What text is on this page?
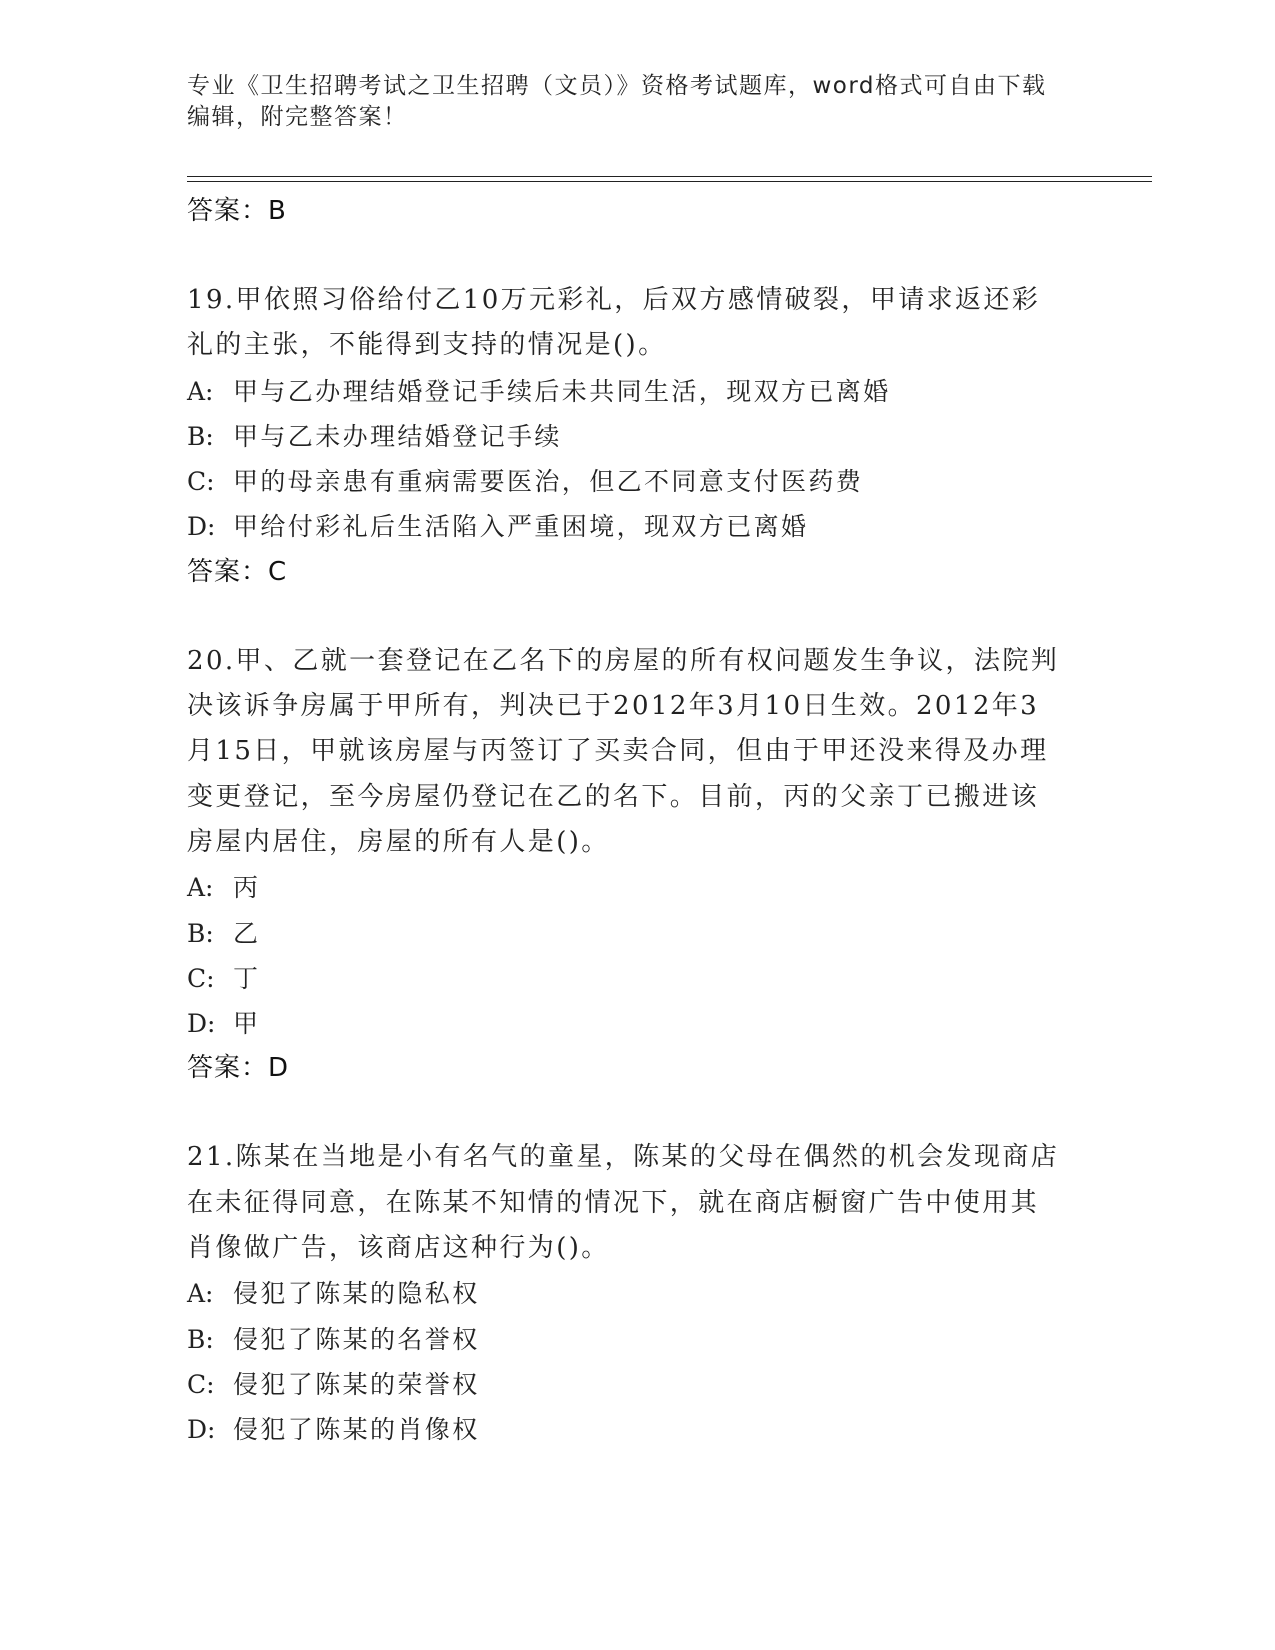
专业《卫生招聘考试之卫生招聘（文员）》资格考试题库，word格式可自由下载

编辑，附完整答案！

答案：B

19.甲依照习俗给付乙10万元彩礼，后双方感情破裂，甲请求返还彩
礼的主张，不能得到支持的情况是()。

A: 甲与乙办理结婚登记手续后未共同生活，现双方已离婚
B: 甲与乙未办理结婚登记手续
C: 甲的母亲患有重病需要医治，但乙不同意支付医药费
D: 甲给付彩礼后生活陷入严重困境，现双方已离婚
答案：C

20.甲、乙就一套登记在乙名下的房屋的所有权问题发生争议，法院判
决该诉争房属于甲所有，判决已于2012年3月10日生效。2012年3
月15日，甲就该房屋与丙签订了买卖合同，但由于甲还没来得及办理
变更登记，至今房屋仍登记在乙的名下。目前，丙的父亲丁已搬进该
房屋内居住，房屋的所有人是()。

A: 丙
B: 乙
C: 丁
D: 甲
答案：D

21.陈某在当地是小有名气的童星，陈某的父母在偶然的机会发现商店
在未征得同意，在陈某不知情的情况下，就在商店橱窗广告中使用其
肖像做广告，该商店这种行为()。

A: 侵犯了陈某的隐私权
B: 侵犯了陈某的名誉权
C: 侵犯了陈某的荣誉权
D: 侵犯了陈某的肖像权
